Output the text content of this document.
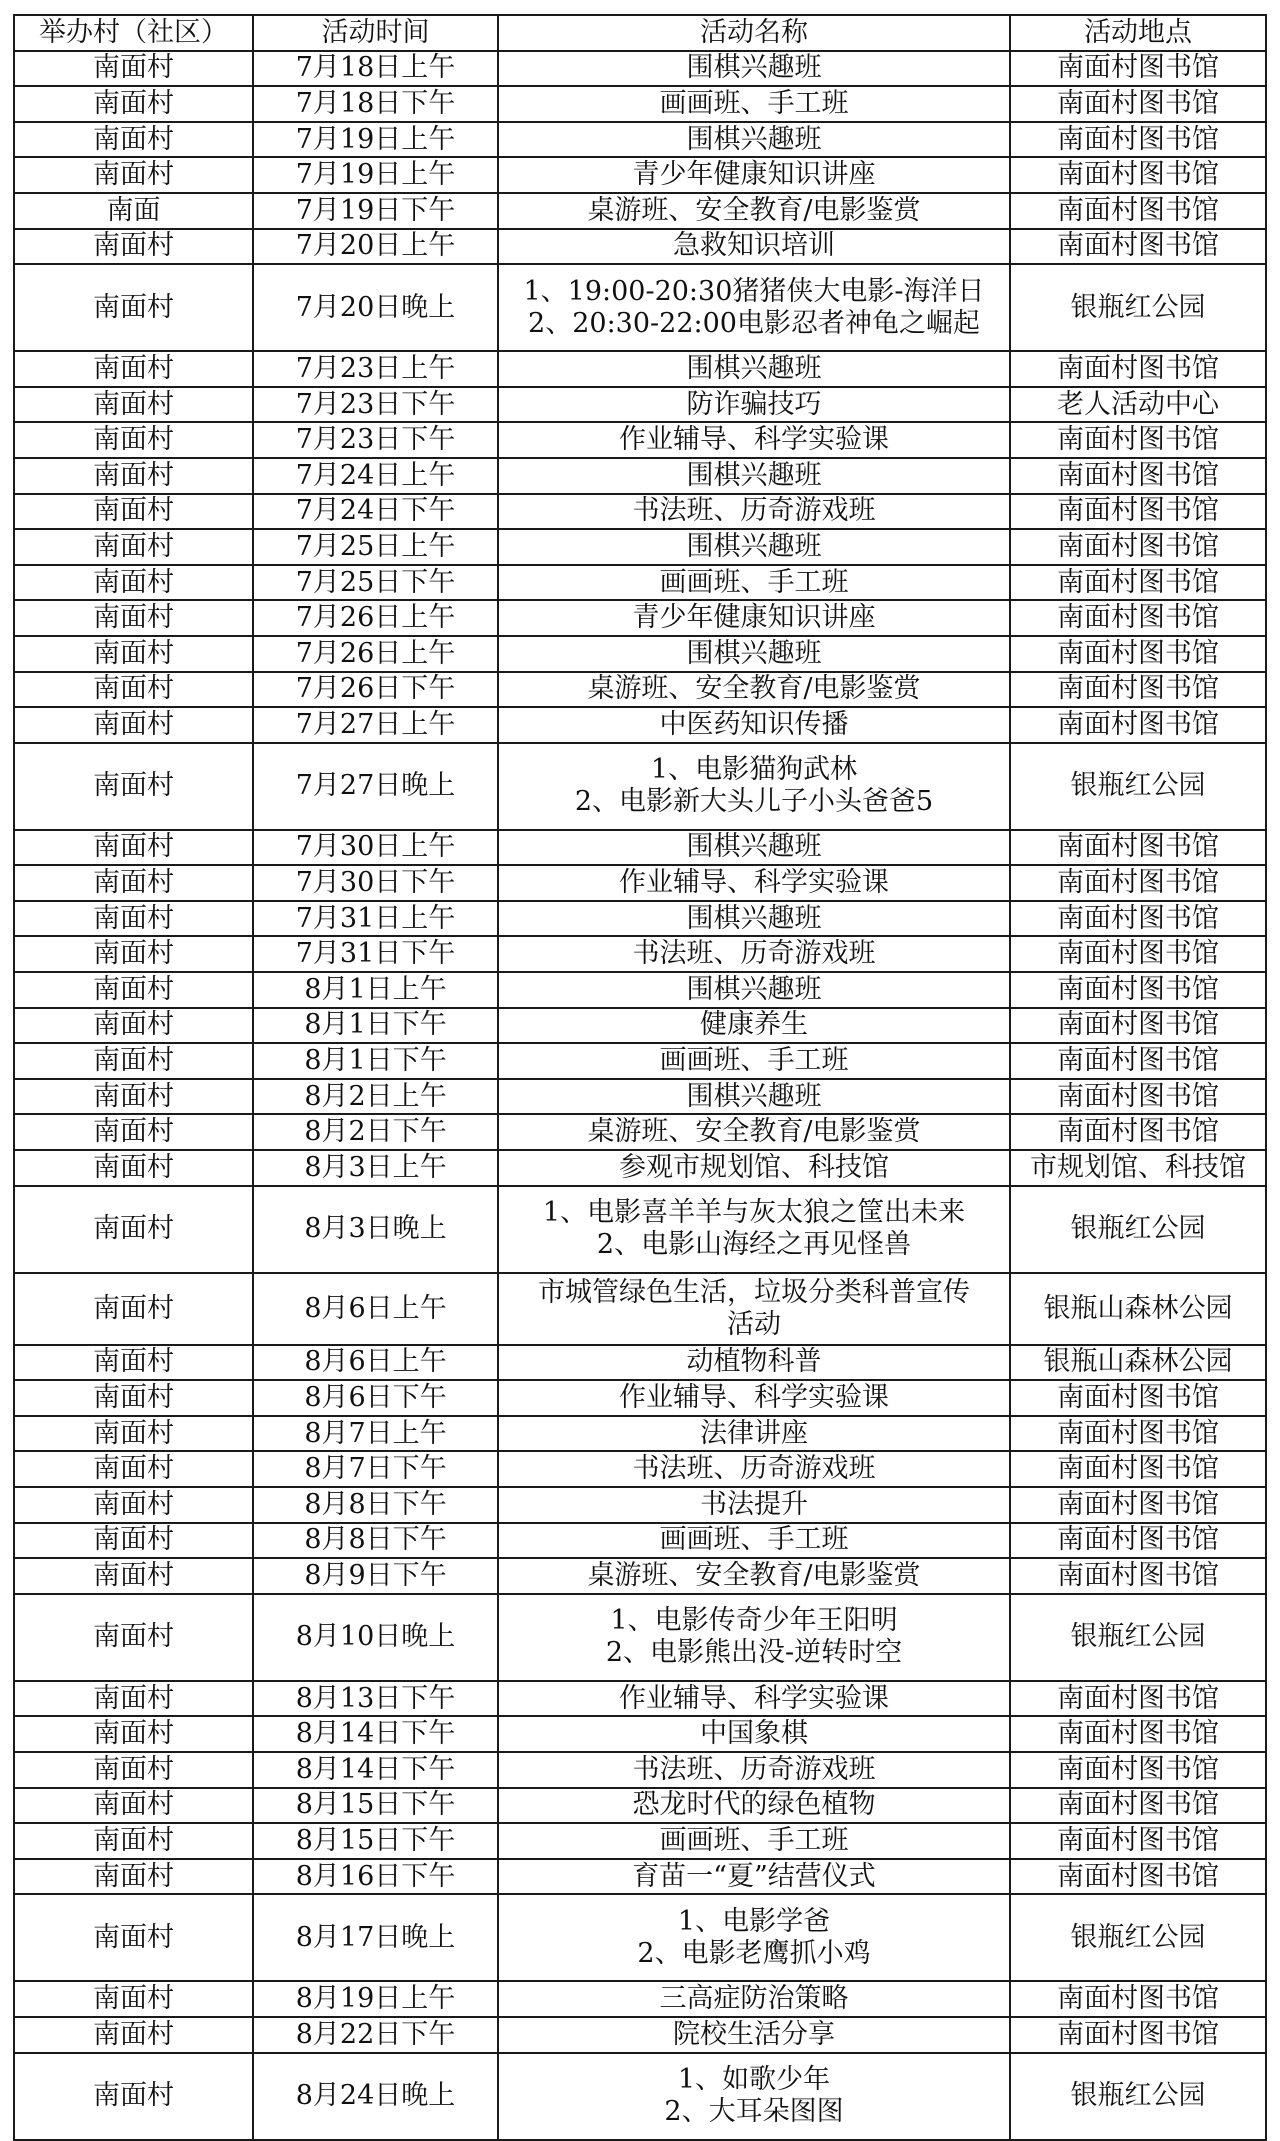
举办村（社区）	活动时间	活动名称	活动地点
南面村	7月18日上午	围棋兴趣班	南面村图书馆
南面村	7月18日下午	画画班、手工班	南面村图书馆
南面村	7月19日上午	围棋兴趣班	南面村图书馆
南面村	7月19日上午	青少年健康知识讲座	南面村图书馆
南面	7月19日下午	桌游班、安全教育/电影鉴赏	南面村图书馆
南面村	7月20日上午	急救知识培训	南面村图书馆
南面村	7月20日晚上	1、19:00-20:30猪猪侠大电影-海洋日
2、20:30-22:00电影忍者神龟之崛起	银瓶红公园
南面村	7月23日上午	围棋兴趣班	南面村图书馆
南面村	7月23日下午	防诈骗技巧	老人活动中心
南面村	7月23日下午	作业辅导、科学实验课	南面村图书馆
南面村	7月24日上午	围棋兴趣班	南面村图书馆
南面村	7月24日下午	书法班、历奇游戏班	南面村图书馆
南面村	7月25日上午	围棋兴趣班	南面村图书馆
南面村	7月25日下午	画画班、手工班	南面村图书馆
南面村	7月26日上午	青少年健康知识讲座	南面村图书馆
南面村	7月26日上午	围棋兴趣班	南面村图书馆
南面村	7月26日下午	桌游班、安全教育/电影鉴赏	南面村图书馆
南面村	7月27日上午	中医药知识传播	南面村图书馆
南面村	7月27日晚上	1、电影猫狗武林
2、电影新大头儿子小头爸爸5	银瓶红公园
南面村	7月30日上午	围棋兴趣班	南面村图书馆
南面村	7月30日下午	作业辅导、科学实验课	南面村图书馆
南面村	7月31日上午	围棋兴趣班	南面村图书馆
南面村	7月31日下午	书法班、历奇游戏班	南面村图书馆
南面村	8月1日上午	围棋兴趣班	南面村图书馆
南面村	8月1日下午	健康养生	南面村图书馆
南面村	8月1日下午	画画班、手工班	南面村图书馆
南面村	8月2日上午	围棋兴趣班	南面村图书馆
南面村	8月2日下午	桌游班、安全教育/电影鉴赏	南面村图书馆
南面村	8月3日上午	参观市规划馆、科技馆	市规划馆、科技馆
南面村	8月3日晚上	1、电影喜羊羊与灰太狼之筐出未来
2、电影山海经之再见怪兽	银瓶红公园
南面村	8月6日上午	市城管绿色生活，垃圾分类科普宣传
活动	银瓶山森林公园
南面村	8月6日上午	动植物科普	银瓶山森林公园
南面村	8月6日下午	作业辅导、科学实验课	南面村图书馆
南面村	8月7日上午	法律讲座	南面村图书馆
南面村	8月7日下午	书法班、历奇游戏班	南面村图书馆
南面村	8月8日下午	书法提升	南面村图书馆
南面村	8月8日下午	画画班、手工班	南面村图书馆
南面村	8月9日下午	桌游班、安全教育/电影鉴赏	南面村图书馆
南面村	8月10日晚上	1、电影传奇少年王阳明
2、电影熊出没-逆转时空	银瓶红公园
南面村	8月13日下午	作业辅导、科学实验课	南面村图书馆
南面村	8月14日下午	中国象棋	南面村图书馆
南面村	8月14日下午	书法班、历奇游戏班	南面村图书馆
南面村	8月15日下午	恐龙时代的绿色植物	南面村图书馆
南面村	8月15日下午	画画班、手工班	南面村图书馆
南面村	8月16日下午	育苗一“夏”结营仪式	南面村图书馆
南面村	8月17日晚上	1、电影学爸
2、电影老鹰抓小鸡	银瓶红公园
南面村	8月19日上午	三高症防治策略	南面村图书馆
南面村	8月22日下午	院校生活分享	南面村图书馆
南面村	8月24日晚上	1、如歌少年
2、大耳朵图图	银瓶红公园
